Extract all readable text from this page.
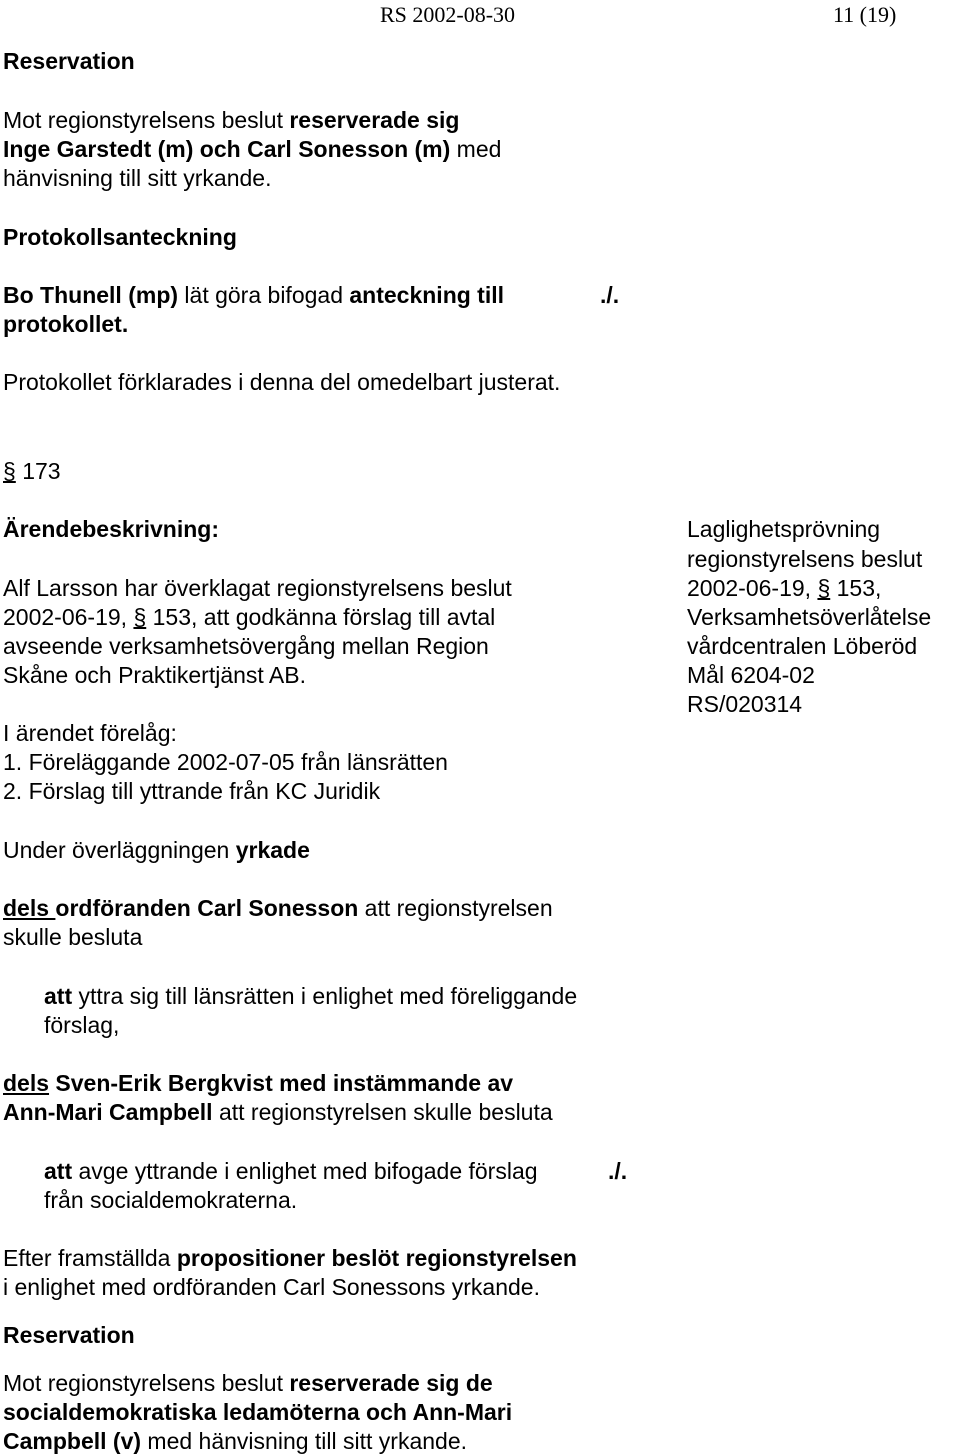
RS 2002-08-30	11 (19)
Reservation
Mot regionstyrelsens beslut reserverade sig
Inge Garstedt (m) och Carl Sonesson (m) med
hänvisning till sitt yrkande.
Protokollsanteckning
Bo Thunell (mp) lät göra bifogad anteckning till	./.
protokollet.
Protokollet förklarades i denna del omedelbart justerat.
§ 173
Ärendebeskrivning:
Alf Larsson har överklagat regionstyrelsens beslut
2002-06-19, § 153, att godkänna förslag till avtal
avseende verksamhetsövergång mellan Region
Skåne och Praktikertjänst AB.
I ärendet förelåg:
1. Föreläggande 2002-07-05 från länsrätten
2. Förslag till yttrande från KC Juridik
Laglighetsprövning
regionstyrelsens beslut
2002-06-19, § 153,
Verksamhetsöverlåtelse
vårdcentralen Löberöd
Mål 6204-02
RS/020314
Under överläggningen yrkade
dels ordföranden Carl Sonesson att regionstyrelsen
skulle besluta
att yttra sig till länsrätten i enlighet med föreliggande
förslag,
dels Sven-Erik Bergkvist med instämmande av
Ann-Mari Campbell att regionstyrelsen skulle besluta
att avge yttrande i enlighet med bifogade förslag	./.
från socialdemokraterna.
Efter framställda propositioner beslöt regionstyrelsen
i enlighet med ordföranden Carl Sonessons yrkande.
Reservation
Mot regionstyrelsens beslut reserverade sig de
socialdemokratiska ledamöterna och Ann-Mari
Campbell (v) med hänvisning till sitt yrkande.
